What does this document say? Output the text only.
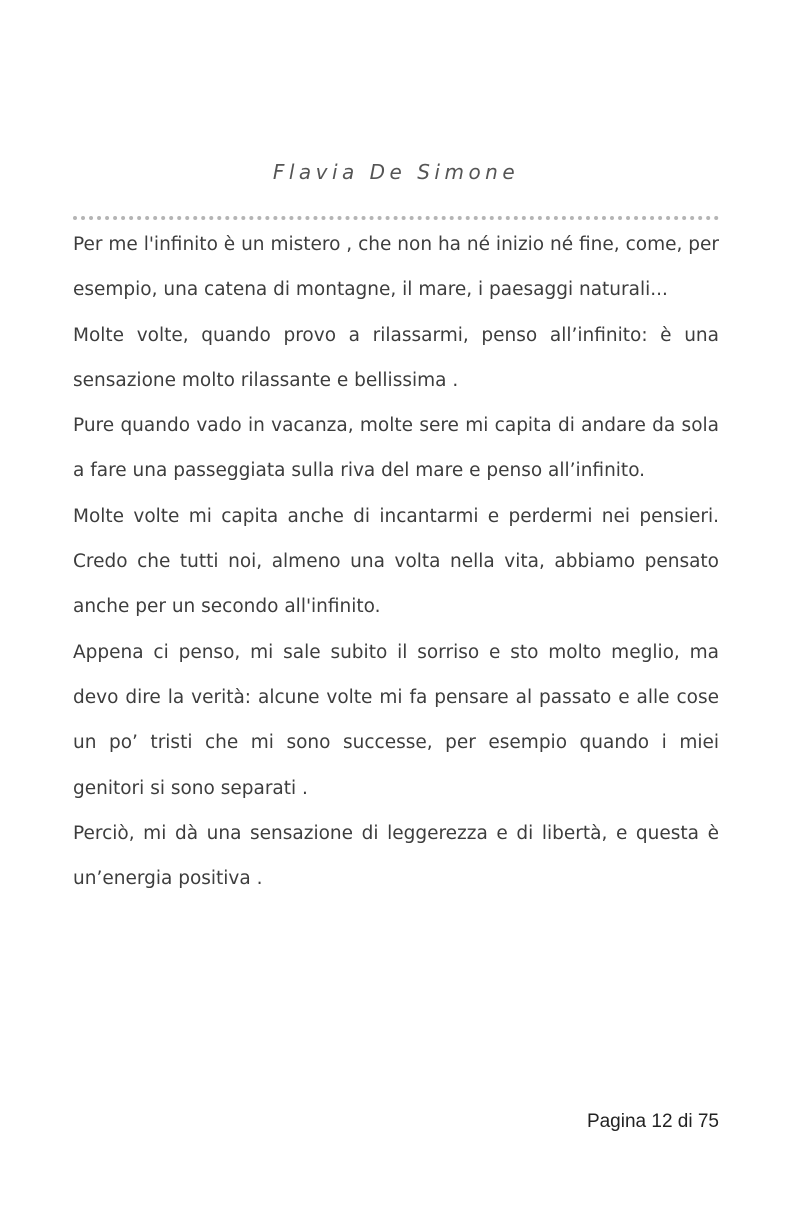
Flavia De Simone

Per me l'infinito è un mistero , che non ha né inizio né fine, come, per esempio, una catena di montagne, il mare, i paesaggi naturali...

Molte volte, quando provo a rilassarmi, penso all’infinito: è una sensazione molto rilassante e bellissima .

Pure quando vado in vacanza, molte sere mi capita di andare da sola a fare una passeggiata sulla riva del mare e penso all’infinito.

Molte volte mi capita anche di incantarmi e perdermi nei pensieri. Credo che tutti noi, almeno una volta nella vita, abbiamo pensato anche per un secondo all'infinito.

Appena ci penso, mi sale subito il sorriso e sto molto meglio, ma devo dire la verità: alcune volte mi fa pensare al passato e alle cose un po’ tristi che mi sono successe, per esempio quando i miei genitori si sono separati .

Perciò, mi dà una sensazione di leggerezza e di libertà, e questa è un’energia positiva .

Pagina 12 di 75
